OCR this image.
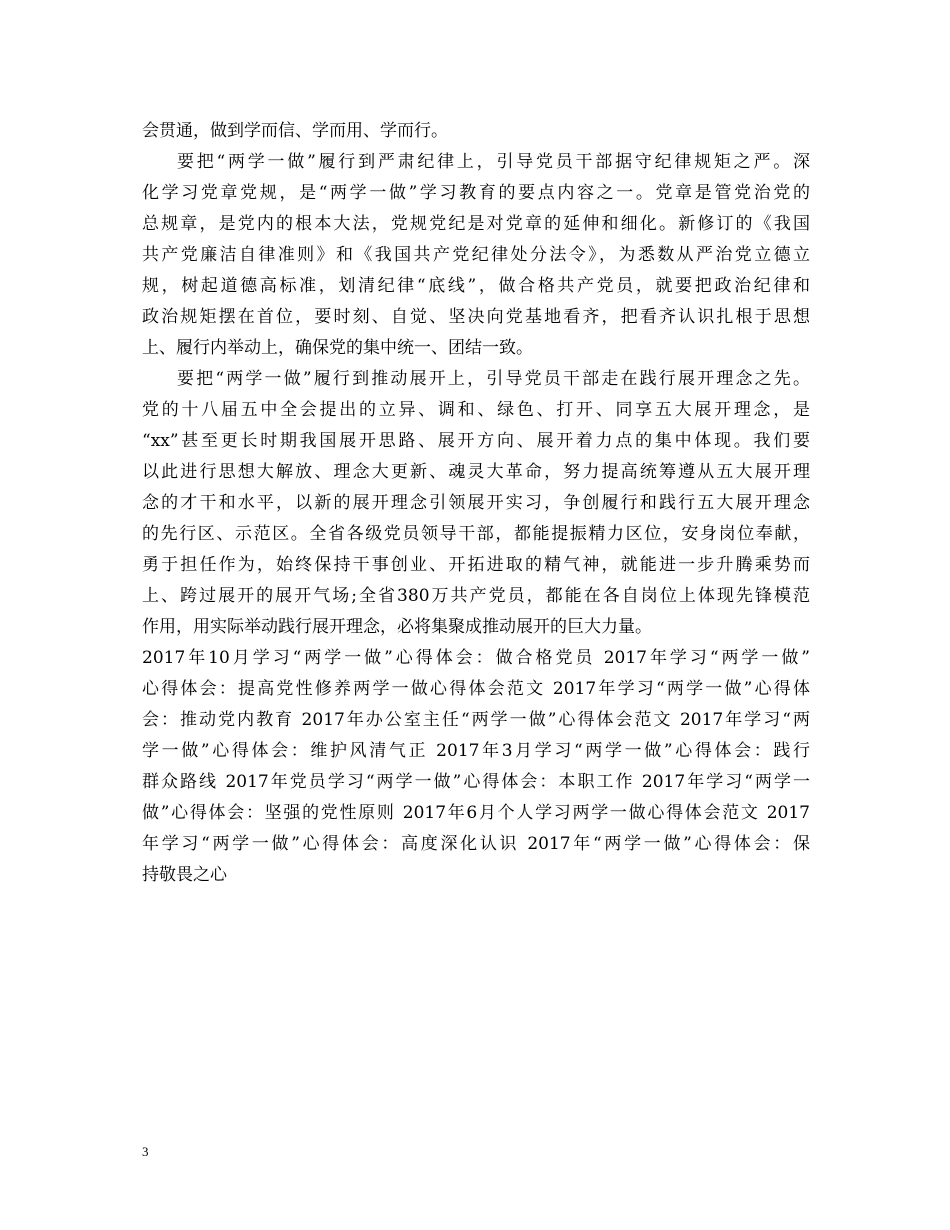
会贯通，做到学而信、学而用、学而行。
要把“两学一做”履行到严肃纪律上，引导党员干部据守纪律规矩之严。深
化学习党章党规，是“两学一做”学习教育的要点内容之一。党章是管党治党的
总规章，是党内的根本大法，党规党纪是对党章的延伸和细化。新修订的《我国
共产党廉洁自律准则》和《我国共产党纪律处分法令》，为悉数从严治党立德立
规，树起道德高标准，划清纪律“底线”，做合格共产党员，就要把政治纪律和
政治规矩摆在首位，要时刻、自觉、坚决向党基地看齐，把看齐认识扎根于思想
上、履行内举动上，确保党的集中统一、团结一致。
要把“两学一做”履行到推动展开上，引导党员干部走在践行展开理念之先。
党的十八届五中全会提出的立异、调和、绿色、打开、同享五大展开理念，是
“xx”甚至更长时期我国展开思路、展开方向、展开着力点的集中体现。我们要
以此进行思想大解放、理念大更新、魂灵大革命，努力提高统筹遵从五大展开理
念的才干和水平，以新的展开理念引领展开实习，争创履行和践行五大展开理念
的先行区、示范区。全省各级党员领导干部，都能提振精力区位，安身岗位奉献，
勇于担任作为，始终保持干事创业、开拓进取的精气神，就能进一步升腾乘势而
上、跨过展开的展开气场;全省380万共产党员，都能在各自岗位上体现先锋模范
作用，用实际举动践行展开理念，必将集聚成推动展开的巨大力量。
2017年10月学习“两学一做”心得体会：做合格党员 2017年学习“两学一做”
心得体会：提高党性修养两学一做心得体会范文 2017年学习“两学一做”心得体
会：推动党内教育 2017年办公室主任“两学一做”心得体会范文 2017年学习“两
学一做”心得体会：维护风清气正 2017年3月学习“两学一做”心得体会：践行
群众路线 2017年党员学习“两学一做”心得体会：本职工作 2017年学习“两学一
做”心得体会：坚强的党性原则 2017年6月个人学习两学一做心得体会范文 2017
年学习“两学一做”心得体会：高度深化认识 2017年“两学一做”心得体会：保
持敬畏之心
3
